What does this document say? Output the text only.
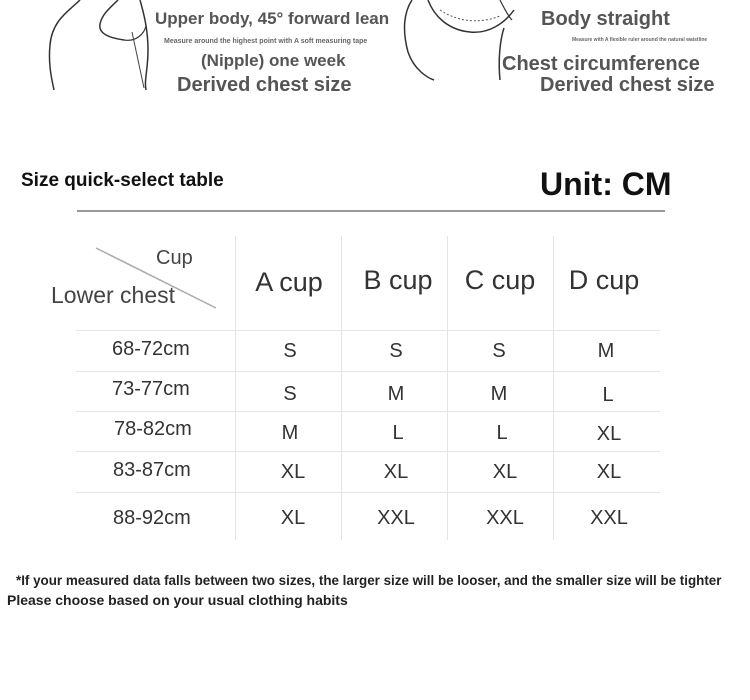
Upper body, 45° forward lean
Measure around the highest point with A soft measuring tape
(Nipple) one week
Derived chest size
Body straight
Measure with A flexible ruler around the natural waistline
Chest circumference
Derived chest size
Size quick-select table	Unit: CM
Cup
Lower chest	A cup	B cup	C cup	D cup
68-72cm	S	S	S	M
73-77cm	S	M	M	L
78-82cm	M	L	L	XL
83-87cm	XL	XL	XL	XL
88-92cm	XL	XXL	XXL	XXL
*If your measured data falls between two sizes, the larger size will be looser, and the smaller size will be tighter
Please choose based on your usual clothing habits
